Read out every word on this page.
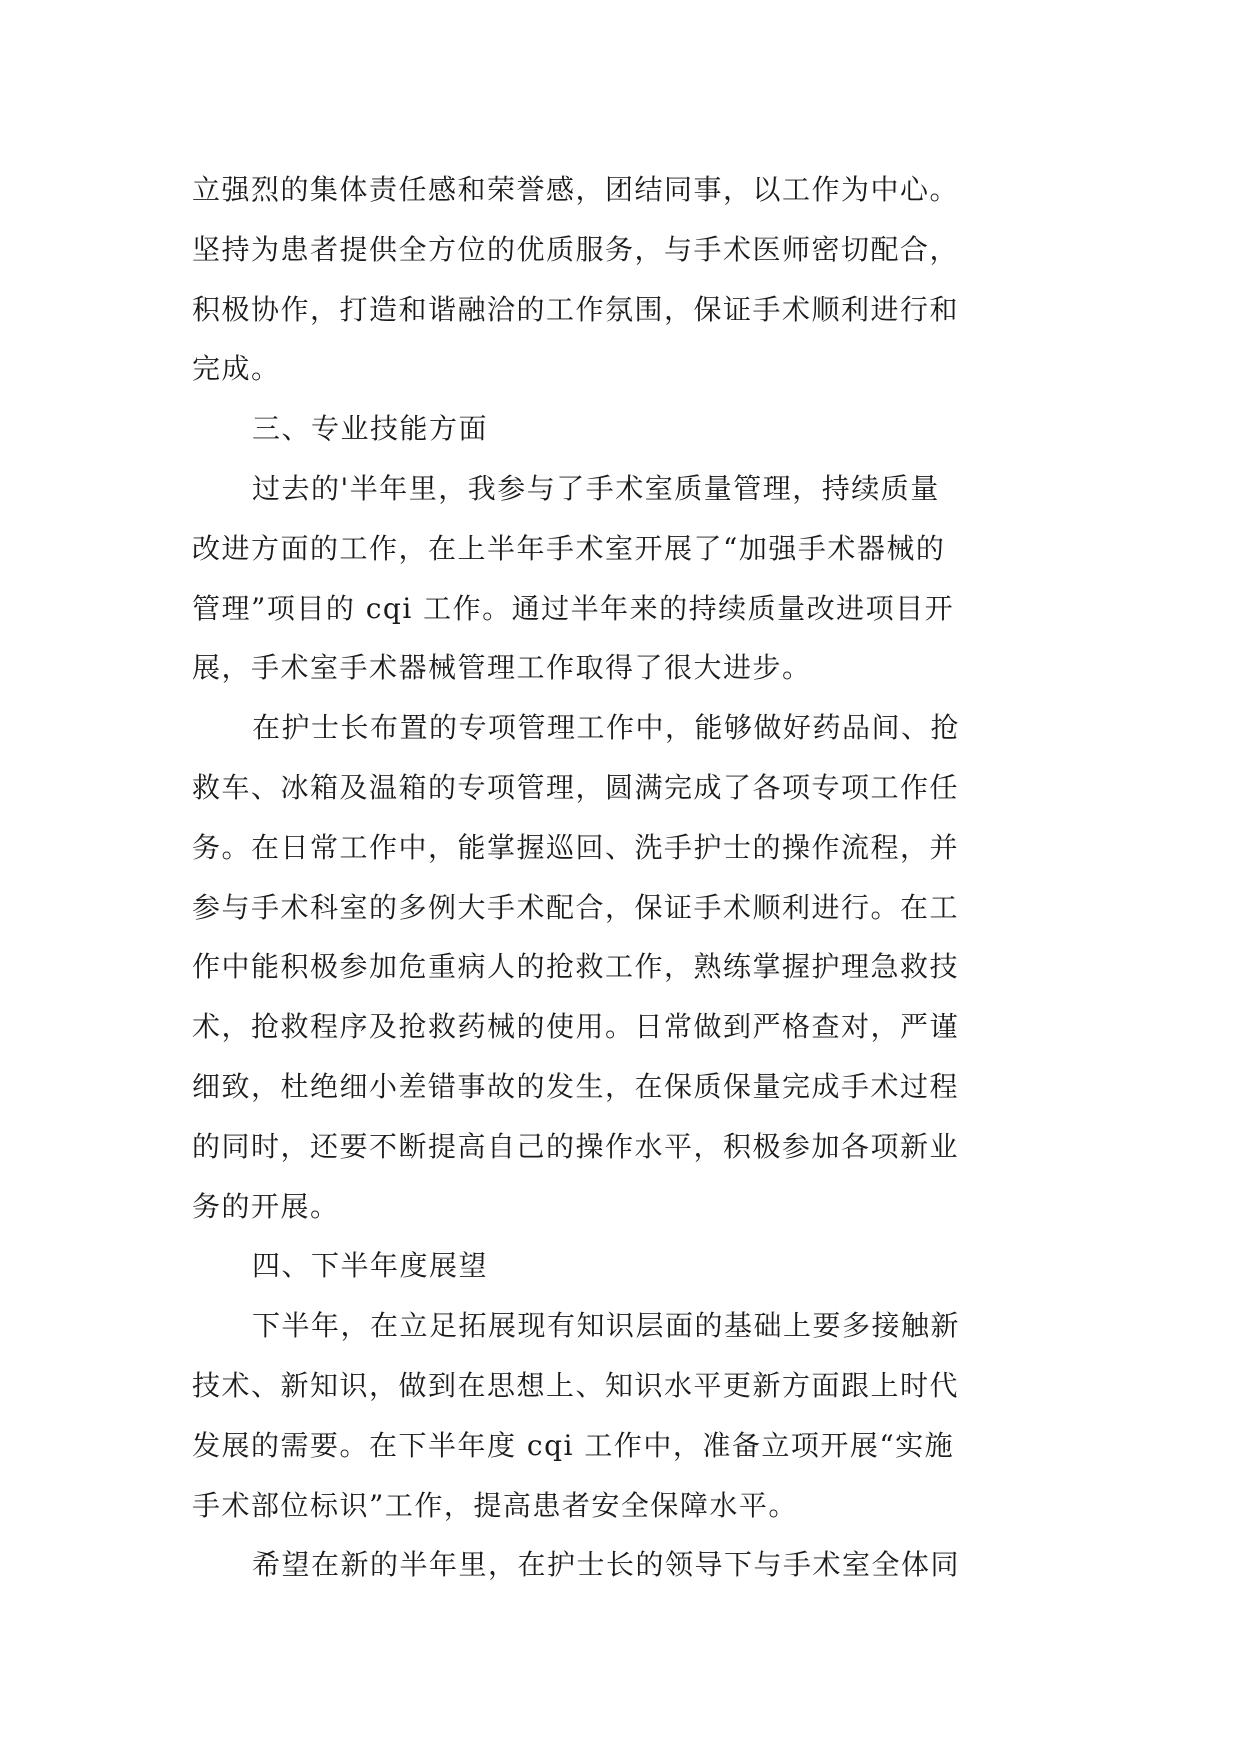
立强烈的集体责任感和荣誉感，团结同事，以工作为中心。

坚持为患者提供全方位的优质服务，与手术医师密切配合，

积极协作，打造和谐融洽的工作氛围，保证手术顺利进行和

完成。

三、专业技能方面

过去的'半年里，我参与了手术室质量管理，持续质量

改进方面的工作，在上半年手术室开展了“加强手术器械的

管理”项目的 cqi 工作。通过半年来的持续质量改进项目开

展，手术室手术器械管理工作取得了很大进步。

在护士长布置的专项管理工作中，能够做好药品间、抢

救车、冰箱及温箱的专项管理，圆满完成了各项专项工作任

务。在日常工作中，能掌握巡回、洗手护士的操作流程，并

参与手术科室的多例大手术配合，保证手术顺利进行。在工

作中能积极参加危重病人的抢救工作，熟练掌握护理急救技

术，抢救程序及抢救药械的使用。日常做到严格查对，严谨

细致，杜绝细小差错事故的发生，在保质保量完成手术过程

的同时，还要不断提高自己的操作水平，积极参加各项新业

务的开展。

四、下半年度展望

下半年，在立足拓展现有知识层面的基础上要多接触新

技术、新知识，做到在思想上、知识水平更新方面跟上时代

发展的需要。在下半年度 cqi 工作中，准备立项开展“实施

手术部位标识”工作，提高患者安全保障水平。

希望在新的半年里，在护士长的领导下与手术室全体同
